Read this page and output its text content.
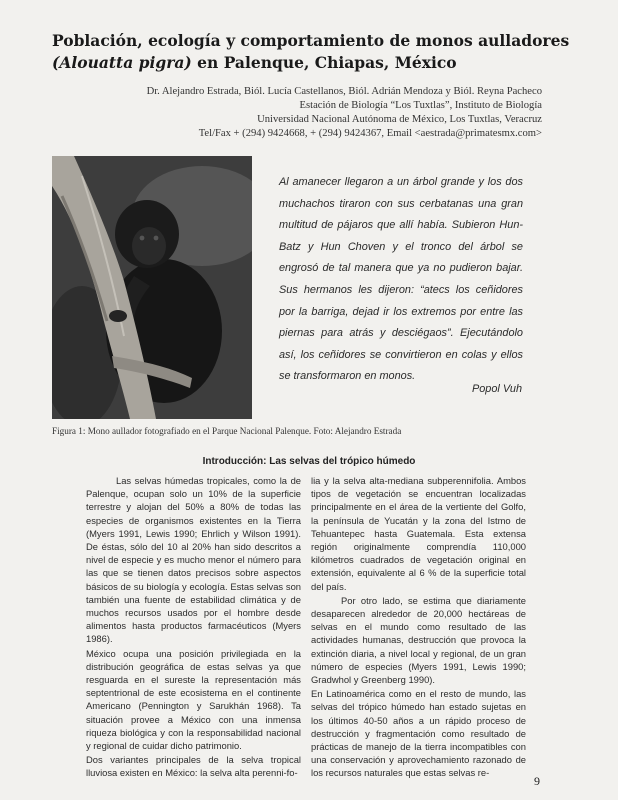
Población, ecología y comportamiento de monos aulladores
(Alouatta pigra) en Palenque, Chiapas, México
Dr. Alejandro Estrada, Biól. Lucía Castellanos, Biól. Adrián Mendoza y Biól. Reyna Pacheco
Estación de Biología “Los Tuxtlas”, Instituto de Biología
Universidad Nacional Autónoma de México, Los Tuxtlas, Veracruz
Tel/Fax + (294) 9424668, + (294) 9424367, Email <aestrada@primatesmx.com>
Al amanecer llegaron a un árbol grande y los dos muchachos tiraron con sus cerbatanas una gran multitud de pájaros que allí había. Subieron Hun-Batz y Hun Choven y el tronco del árbol se engrosó de tal manera que ya no pudieron bajar. Sus hermanos les dijeron: “atecs los ceñidores por la barriga, dejad ir los extremos por entre las piernas para atrás y desciégaos”. Ejecutándolo así, los ceñidores se convirtieron en colas y ellos se transformaron en monos.
Popol Vuh
Figura 1: Mono aullador fotografiado en el Parque Nacional Palenque. Foto: Alejandro Estrada
Introducción: Las selvas del trópico húmedo

Las selvas húmedas tropicales, como la de Palenque, ocupan solo un 10% de la superficie terrestre y alojan del 50% a 80% de todas las especies de organismos existentes en la Tierra (Myers 1991, Lewis 1990; Ehrlich y Wilson 1991). De éstas, sólo del 10 al 20% han sido descritos a nivel de especie y es mucho menor el número para las que se tienen datos precisos sobre aspectos básicos de su biología y ecología. Estas selvas son también una fuente de estabilidad climática y de muchos recursos usados por el hombre desde alimentos hasta productos farmacéuticos (Myers 1986).

México ocupa una posición privilegiada en la distribución geográfica de estas selvas ya que resguarda en el sureste la representación más septentrional de este ecosistema en el continente Americano (Pennington y Sarukhán 1968). Ta situación provee a México con una inmensa riqueza biológica y con la responsabilidad nacional y regional de cuidar dicho patrimonio.

Dos variantes principales de la selva tropical lluviosa existen en México: la selva alta perenni-fo-

lia y la selva alta-mediana subperennifolia. Ambos tipos de vegetación se encuentran localizadas principalmente en el área de la vertiente del Golfo, la península de Yucatán y la zona del Istmo de Tehuantepec hasta Guatemala. Esta extensa región originalmente comprendía 110,000 kilómetros cuadrados de vegetación original en extensión, equivalente al 6 % de la superficie total del país.

Por otro lado, se estima que diariamente desaparecen alrededor de 20,000 hectáreas de selvas en el mundo como resultado de las actividades humanas, destrucción que provoca la extinción diaria, a nivel local y regional, de un gran número de especies (Myers 1991, Lewis 1990; Gradwhol y Greenberg 1990).

En Latinoamérica como en el resto de mundo, las selvas del trópico húmedo han estado sujetas en los últimos 40-50 años a un rápido proceso de destrucción y fragmentación como resultado de prácticas de manejo de la tierra incompatibles con una conservación y aprovechamiento razonado de los recursos naturales que estas selvas re-

9
